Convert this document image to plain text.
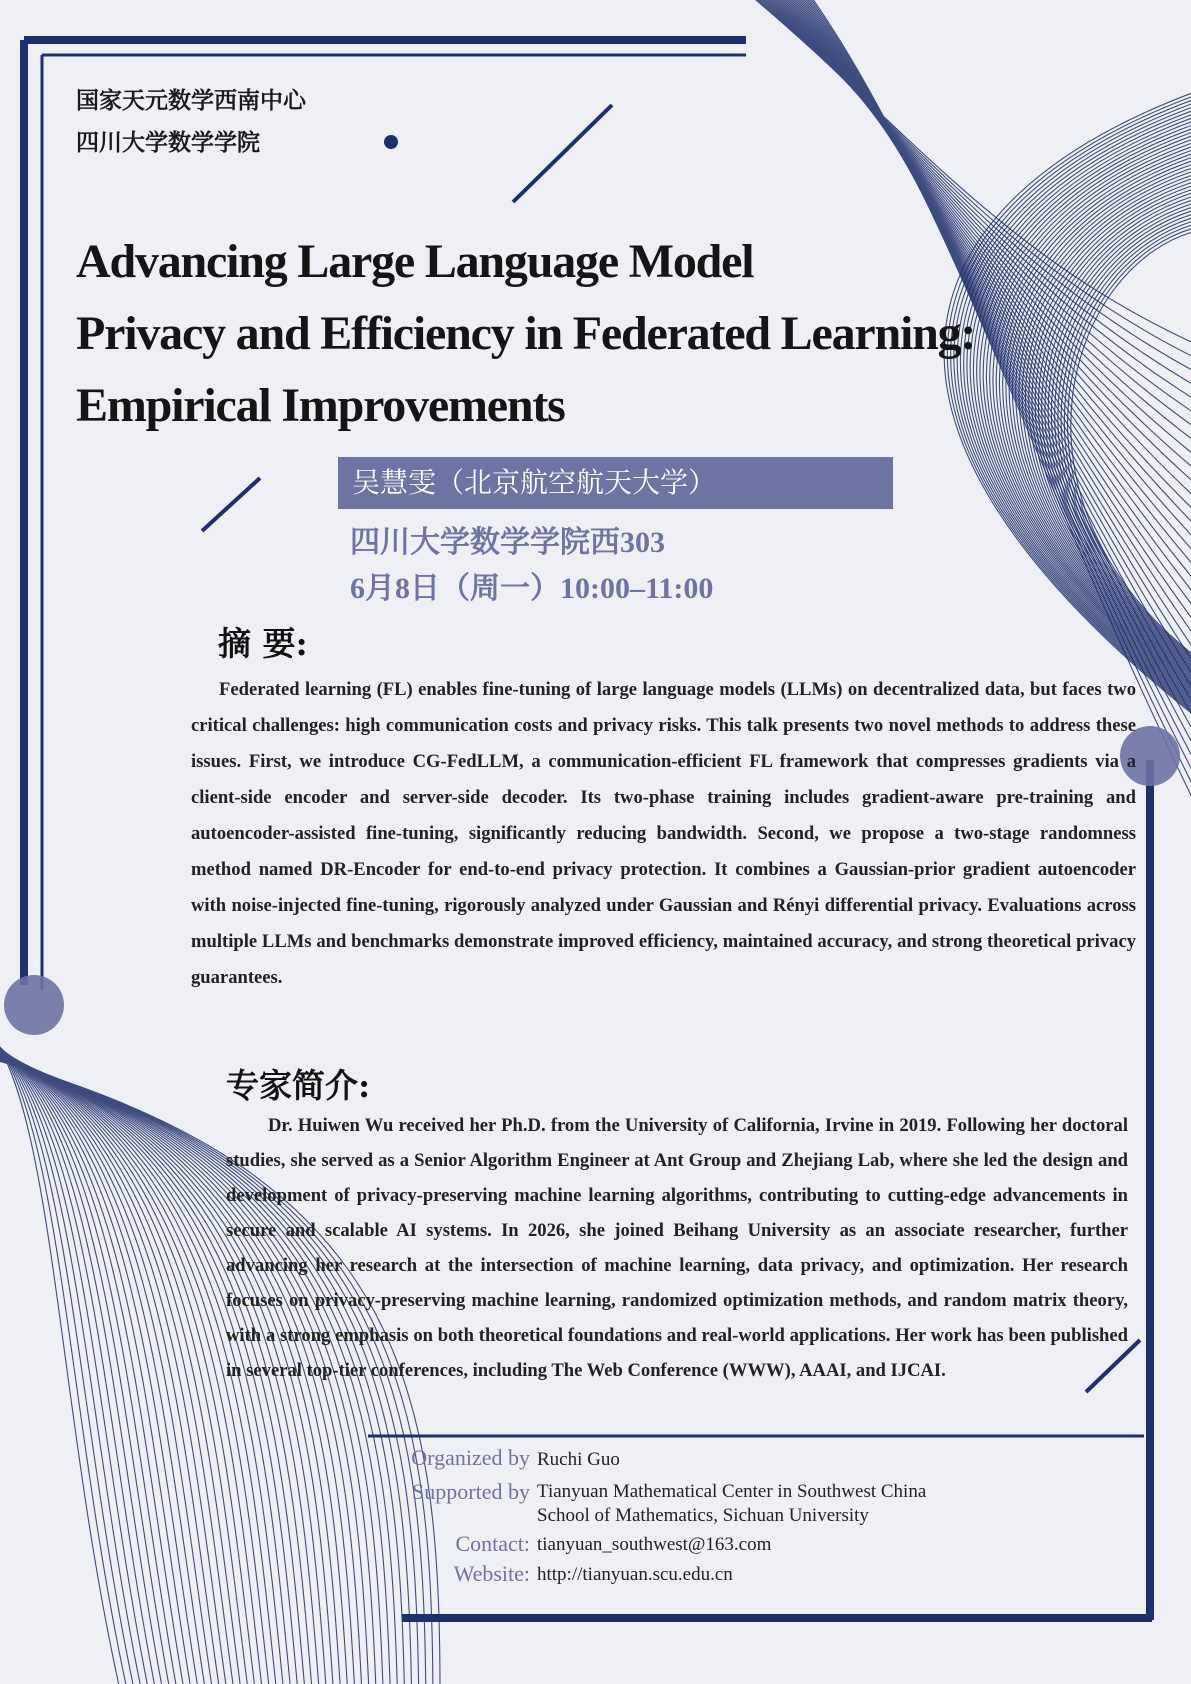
国家天元数学西南中心
四川大学数学学院
Advancing Large Language Model
Privacy and Efficiency in Federated Learning:
Empirical Improvements
吴慧雯（北京航空航天大学）
四川大学数学学院西303
6月8日（周一）10:00–11:00
摘 要:

Federated learning (FL) enables fine-tuning of large language models (LLMs) on decentralized data, but faces two critical challenges: high communication costs and privacy risks. This talk presents two novel methods to address these issues. First, we introduce CG-FedLLM, a communication-efficient FL framework that compresses gradients via a client-side encoder and server-side decoder. Its two-phase training includes gradient-aware pre-training and autoencoder-assisted fine-tuning, significantly reducing bandwidth. Second, we propose a two-stage randomness method named DR-Encoder for end-to-end privacy protection. It combines a Gaussian-prior gradient autoencoder with noise-injected fine-tuning, rigorously analyzed under Gaussian and Rényi differential privacy. Evaluations across multiple LLMs and benchmarks demonstrate improved efficiency, maintained accuracy, and strong theoretical privacy guarantees.

专家简介:

Dr. Huiwen Wu received her Ph.D. from the University of California, Irvine in 2019. Following her doctoral studies, she served as a Senior Algorithm Engineer at Ant Group and Zhejiang Lab, where she led the design and development of privacy-preserving machine learning algorithms, contributing to cutting-edge advancements in secure and scalable AI systems. In 2026, she joined Beihang University as an associate researcher, further advancing her research at the intersection of machine learning, data privacy, and optimization. Her research focuses on privacy-preserving machine learning, randomized optimization methods, and random matrix theory, with a strong emphasis on both theoretical foundations and real-world applications. Her work has been published in several top-tier conferences, including The Web Conference (WWW), AAAI, and IJCAI.

Organized by Ruchi Guo
Supported by Tianyuan Mathematical Center in Southwest China
School of Mathematics, Sichuan University
Contact: tianyuan_southwest@163.com
Website: http://tianyuan.scu.edu.cn
